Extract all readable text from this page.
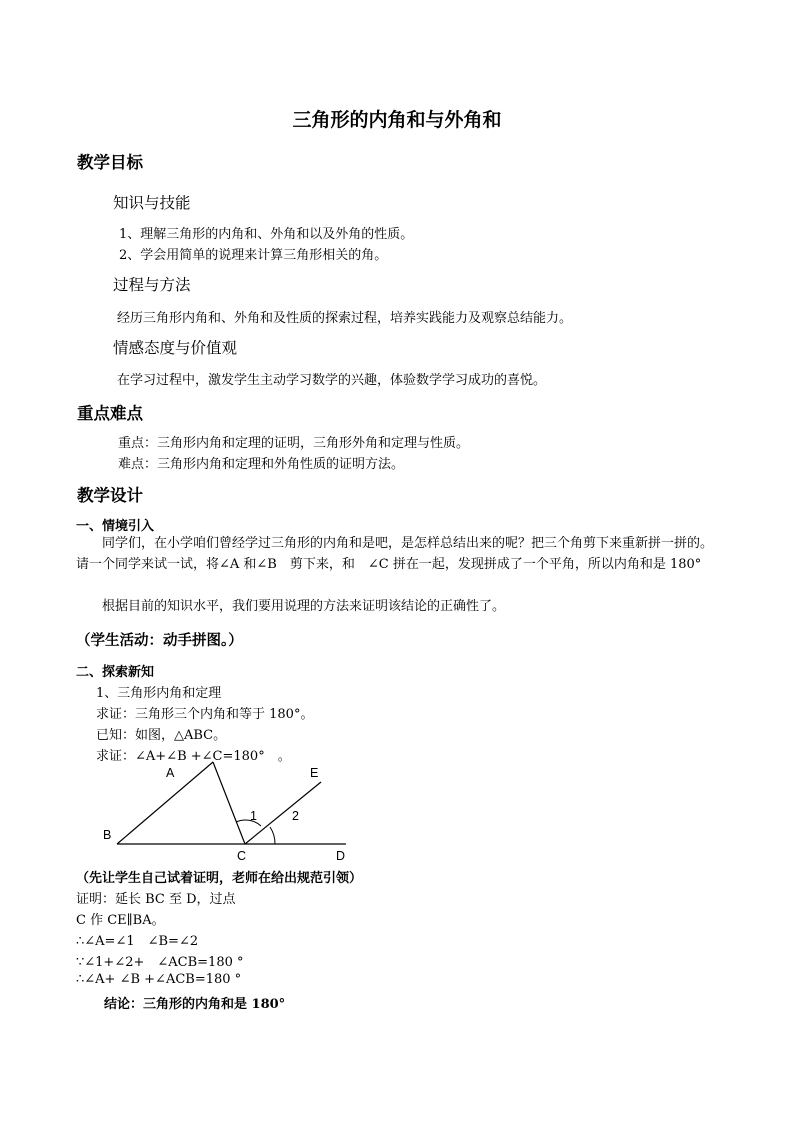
三角形的内角和与外角和
教学目标
知识与技能
1、理解三角形的内角和、外角和以及外角的性质。
2、学会用简单的说理来计算三角形相关的角。
过程与方法
经历三角形内角和、外角和及性质的探索过程，培养实践能力及观察总结能力。
情感态度与价值观
在学习过程中，激发学生主动学习数学的兴趣，体验数学学习成功的喜悦。
重点难点
重点：三角形内角和定理的证明，三角形外角和定理与性质。
难点：三角形内角和定理和外角性质的证明方法。
教学设计
一、情境引入
同学们，在小学咱们曾经学过三角形的内角和是吧，是怎样总结出来的呢？把三个角剪下来重新拼一拼的。请一个同学来试一试，将∠A 和∠B　剪下来，和　∠C 拼在一起，发现拼成了一个平角，所以内角和是 180°
根据目前的知识水平，我们要用说理的方法来证明该结论的正确性了。
（学生活动：动手拼图。）
二、探索新知
1、三角形内角和定理
求证：三角形三个内角和等于 180°。
已知：如图，△ABC。
求证：∠A+∠B +∠C=180°　。
A
B
C	D
E
1	2
（先让学生自己试着证明，老师在给出规范引领）
证明：延长 BC 至 D，过点
C 作 CE∥BA。
∴∠A=∠1　∠B=∠2
∵∠1+∠2+　∠ACB=180 °
∴∠A+ ∠B +∠ACB=180 °
结论：三角形的内角和是 180°
